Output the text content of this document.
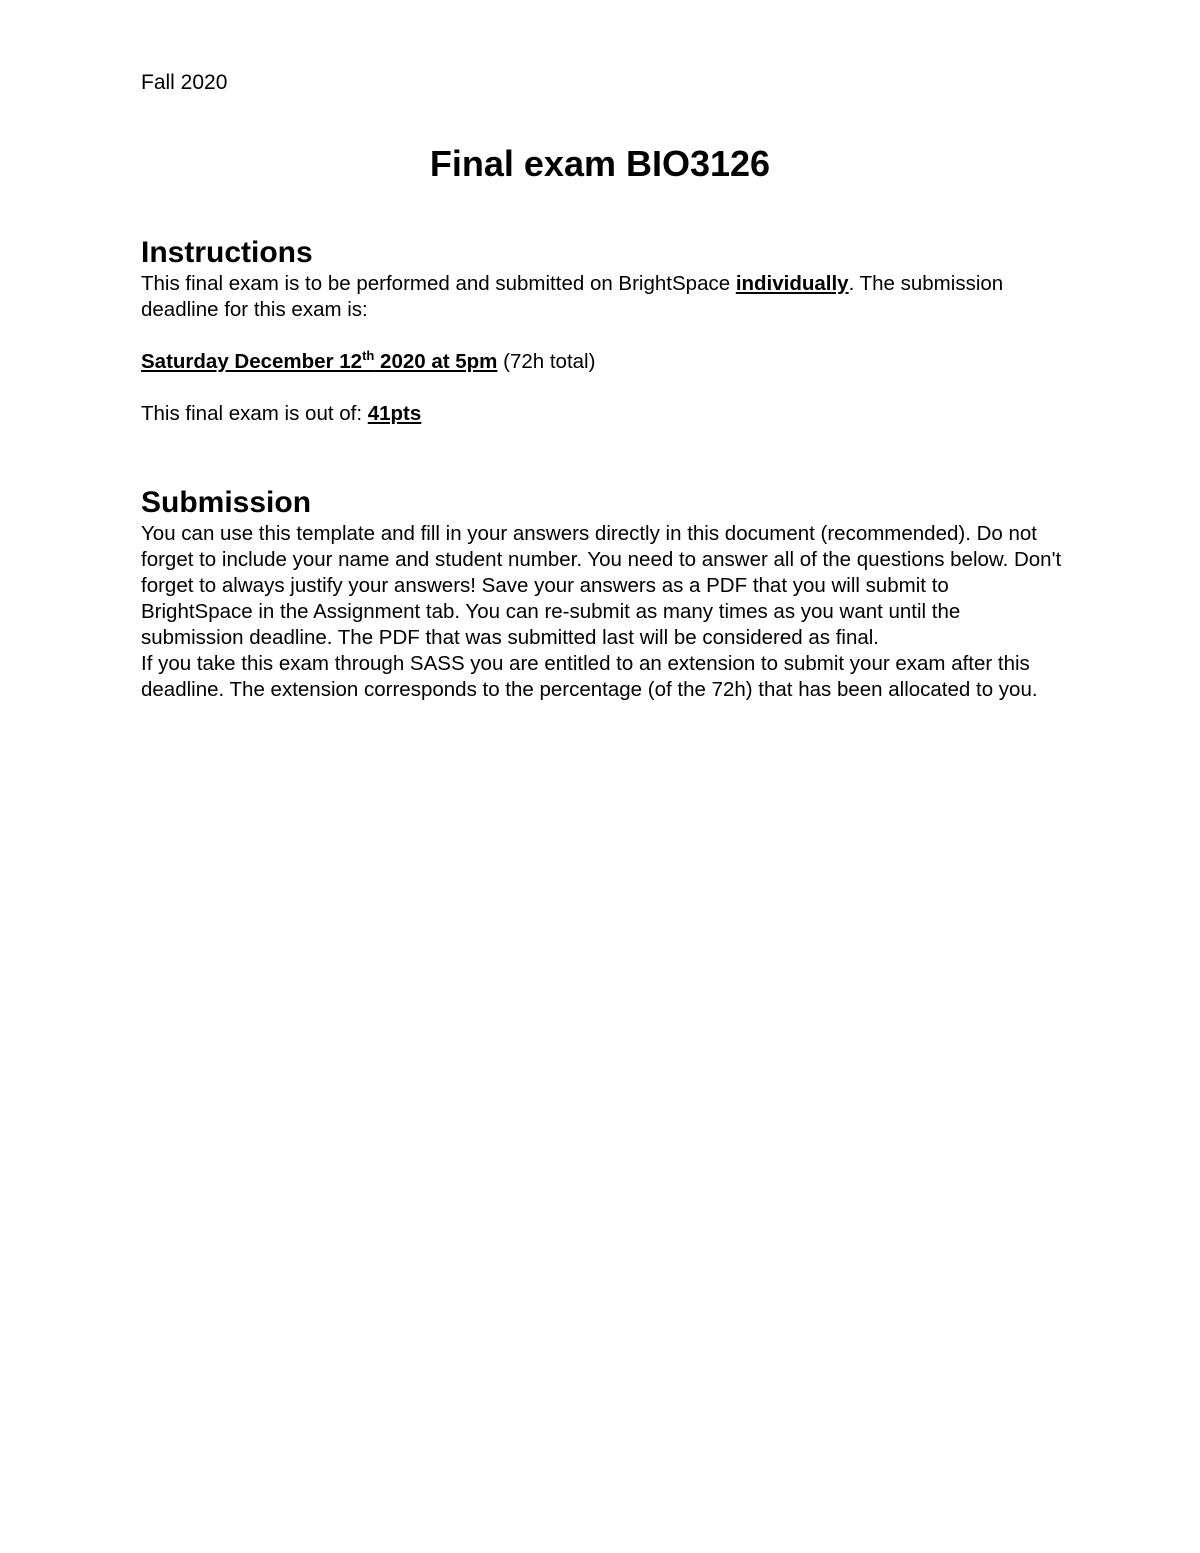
Fall 2020
Final exam BIO3126
Instructions

This final exam is to be performed and submitted on BrightSpace individually. The submission deadline for this exam is:

Saturday December 12th 2020 at 5pm (72h total)

This final exam is out of: 41pts

Submission

You can use this template and fill in your answers directly in this document (recommended). Do not forget to include your name and student number. You need to answer all of the questions below. Don't forget to always justify your answers! Save your answers as a PDF that you will submit to BrightSpace in the Assignment tab. You can re-submit as many times as you want until the submission deadline. The PDF that was submitted last will be considered as final.

If you take this exam through SASS you are entitled to an extension to submit your exam after this deadline. The extension corresponds to the percentage (of the 72h) that has been allocated to you.
